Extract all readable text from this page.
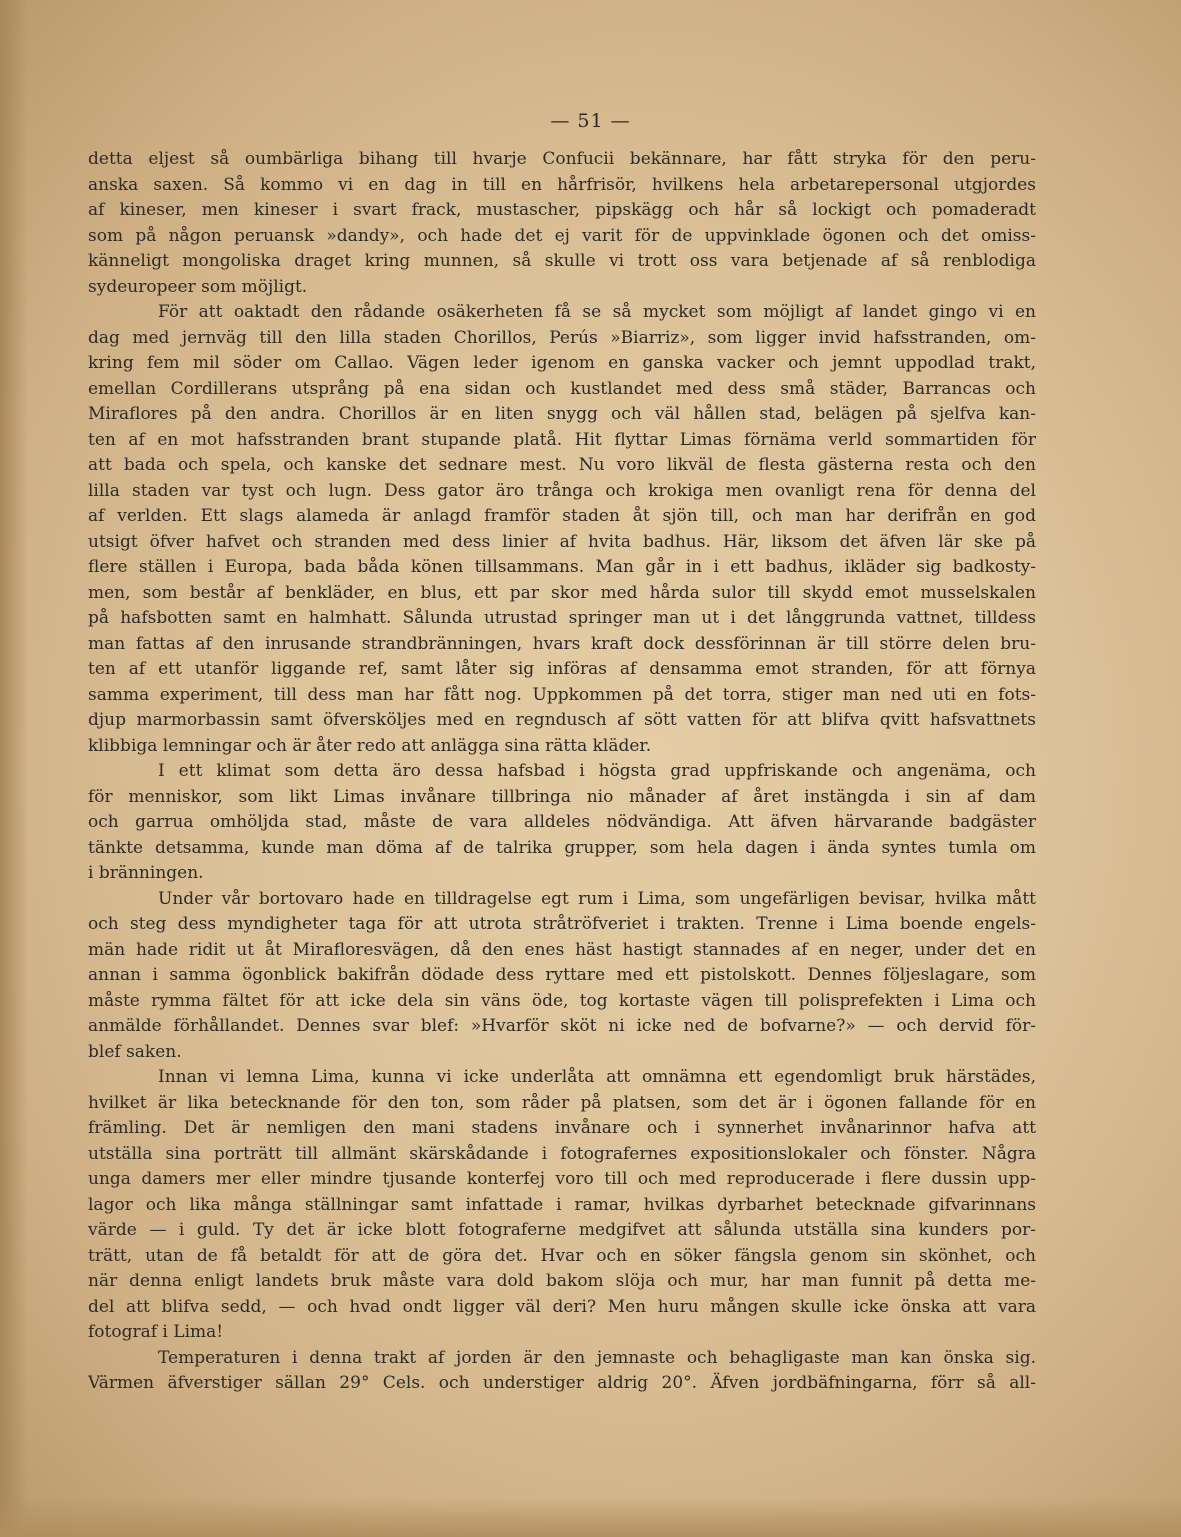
— 51 —

detta eljest så oumbärliga bihang till hvarje Confucii bekännare, har fått stryka för den peru-

anska saxen. Så kommo vi en dag in till en hårfrisör, hvilkens hela arbetarepersonal utgjordes

af kineser, men kineser i svart frack, mustascher, pipskägg och hår så lockigt och pomaderadt

som på någon peruansk »dandy», och hade det ej varit för de uppvinklade ögonen och det omiss-

känneligt mongoliska draget kring munnen, så skulle vi trott oss vara betjenade af så renblodiga

sydeuropeer som möjligt.

För att oaktadt den rådande osäkerheten få se så mycket som möjligt af landet gingo vi en

dag med jernväg till den lilla staden Chorillos, Perús »Biarriz», som ligger invid hafsstranden, om-

kring fem mil söder om Callao. Vägen leder igenom en ganska vacker och jemnt uppodlad trakt,

emellan Cordillerans utsprång på ena sidan och kustlandet med dess små städer, Barrancas och

Miraflores på den andra. Chorillos är en liten snygg och väl hållen stad, belägen på sjelfva kan-

ten af en mot hafsstranden brant stupande platå. Hit flyttar Limas förnäma verld sommartiden för

att bada och spela, och kanske det sednare mest. Nu voro likväl de flesta gästerna resta och den

lilla staden var tyst och lugn. Dess gator äro trånga och krokiga men ovanligt rena för denna del

af verlden. Ett slags alameda är anlagd framför staden åt sjön till, och man har derifrån en god

utsigt öfver hafvet och stranden med dess linier af hvita badhus. Här, liksom det äfven lär ske på

flere ställen i Europa, bada båda könen tillsammans. Man går in i ett badhus, ikläder sig badkosty-

men, som består af benkläder, en blus, ett par skor med hårda sulor till skydd emot musselskalen

på hafsbotten samt en halmhatt. Sålunda utrustad springer man ut i det långgrunda vattnet, tilldess

man fattas af den inrusande strandbränningen, hvars kraft dock dessförinnan är till större delen bru-

ten af ett utanför liggande ref, samt låter sig införas af densamma emot stranden, för att förnya

samma experiment, till dess man har fått nog. Uppkommen på det torra, stiger man ned uti en fots-

djup marmorbassin samt öfversköljes med en regndusch af sött vatten för att blifva qvitt hafsvattnets

klibbiga lemningar och är åter redo att anlägga sina rätta kläder.

I ett klimat som detta äro dessa hafsbad i högsta grad uppfriskande och angenäma, och

för menniskor, som likt Limas invånare tillbringa nio månader af året instängda i sin af dam

och garrua omhöljda stad, måste de vara alldeles nödvändiga. Att äfven härvarande badgäster

tänkte detsamma, kunde man döma af de talrika grupper, som hela dagen i ända syntes tumla om

i bränningen.

Under vår bortovaro hade en tilldragelse egt rum i Lima, som ungefärligen bevisar, hvilka mått

och steg dess myndigheter taga för att utrota stråtröfveriet i trakten. Trenne i Lima boende engels-

män hade ridit ut åt Mirafloresvägen, då den enes häst hastigt stannades af en neger, under det en

annan i samma ögonblick bakifrån dödade dess ryttare med ett pistolskott. Dennes följeslagare, som

måste rymma fältet för att icke dela sin väns öde, tog kortaste vägen till polisprefekten i Lima och

anmälde förhållandet. Dennes svar blef: »Hvarför sköt ni icke ned de bofvarne?» — och dervid för-

blef saken.

Innan vi lemna Lima, kunna vi icke underlåta att omnämna ett egendomligt bruk härstädes,

hvilket är lika betecknande för den ton, som råder på platsen, som det är i ögonen fallande för en

främling. Det är nemligen den mani stadens invånare och i synnerhet invånarinnor hafva att

utställa sina porträtt till allmänt skärskådande i fotografernes expositionslokaler och fönster. Några

unga damers mer eller mindre tjusande konterfej voro till och med reproducerade i flere dussin upp-

lagor och lika många ställningar samt infattade i ramar, hvilkas dyrbarhet betecknade gifvarinnans

värde — i guld. Ty det är icke blott fotograferne medgifvet att sålunda utställa sina kunders por-

trätt, utan de få betaldt för att de göra det. Hvar och en söker fängsla genom sin skönhet, och

när denna enligt landets bruk måste vara dold bakom slöja och mur, har man funnit på detta me-

del att blifva sedd, — och hvad ondt ligger väl deri? Men huru mången skulle icke önska att vara

fotograf i Lima!

Temperaturen i denna trakt af jorden är den jemnaste och behagligaste man kan önska sig.

Värmen äfverstiger sällan 29° Cels. och understiger aldrig 20°. Äfven jordbäfningarna, förr så all-
